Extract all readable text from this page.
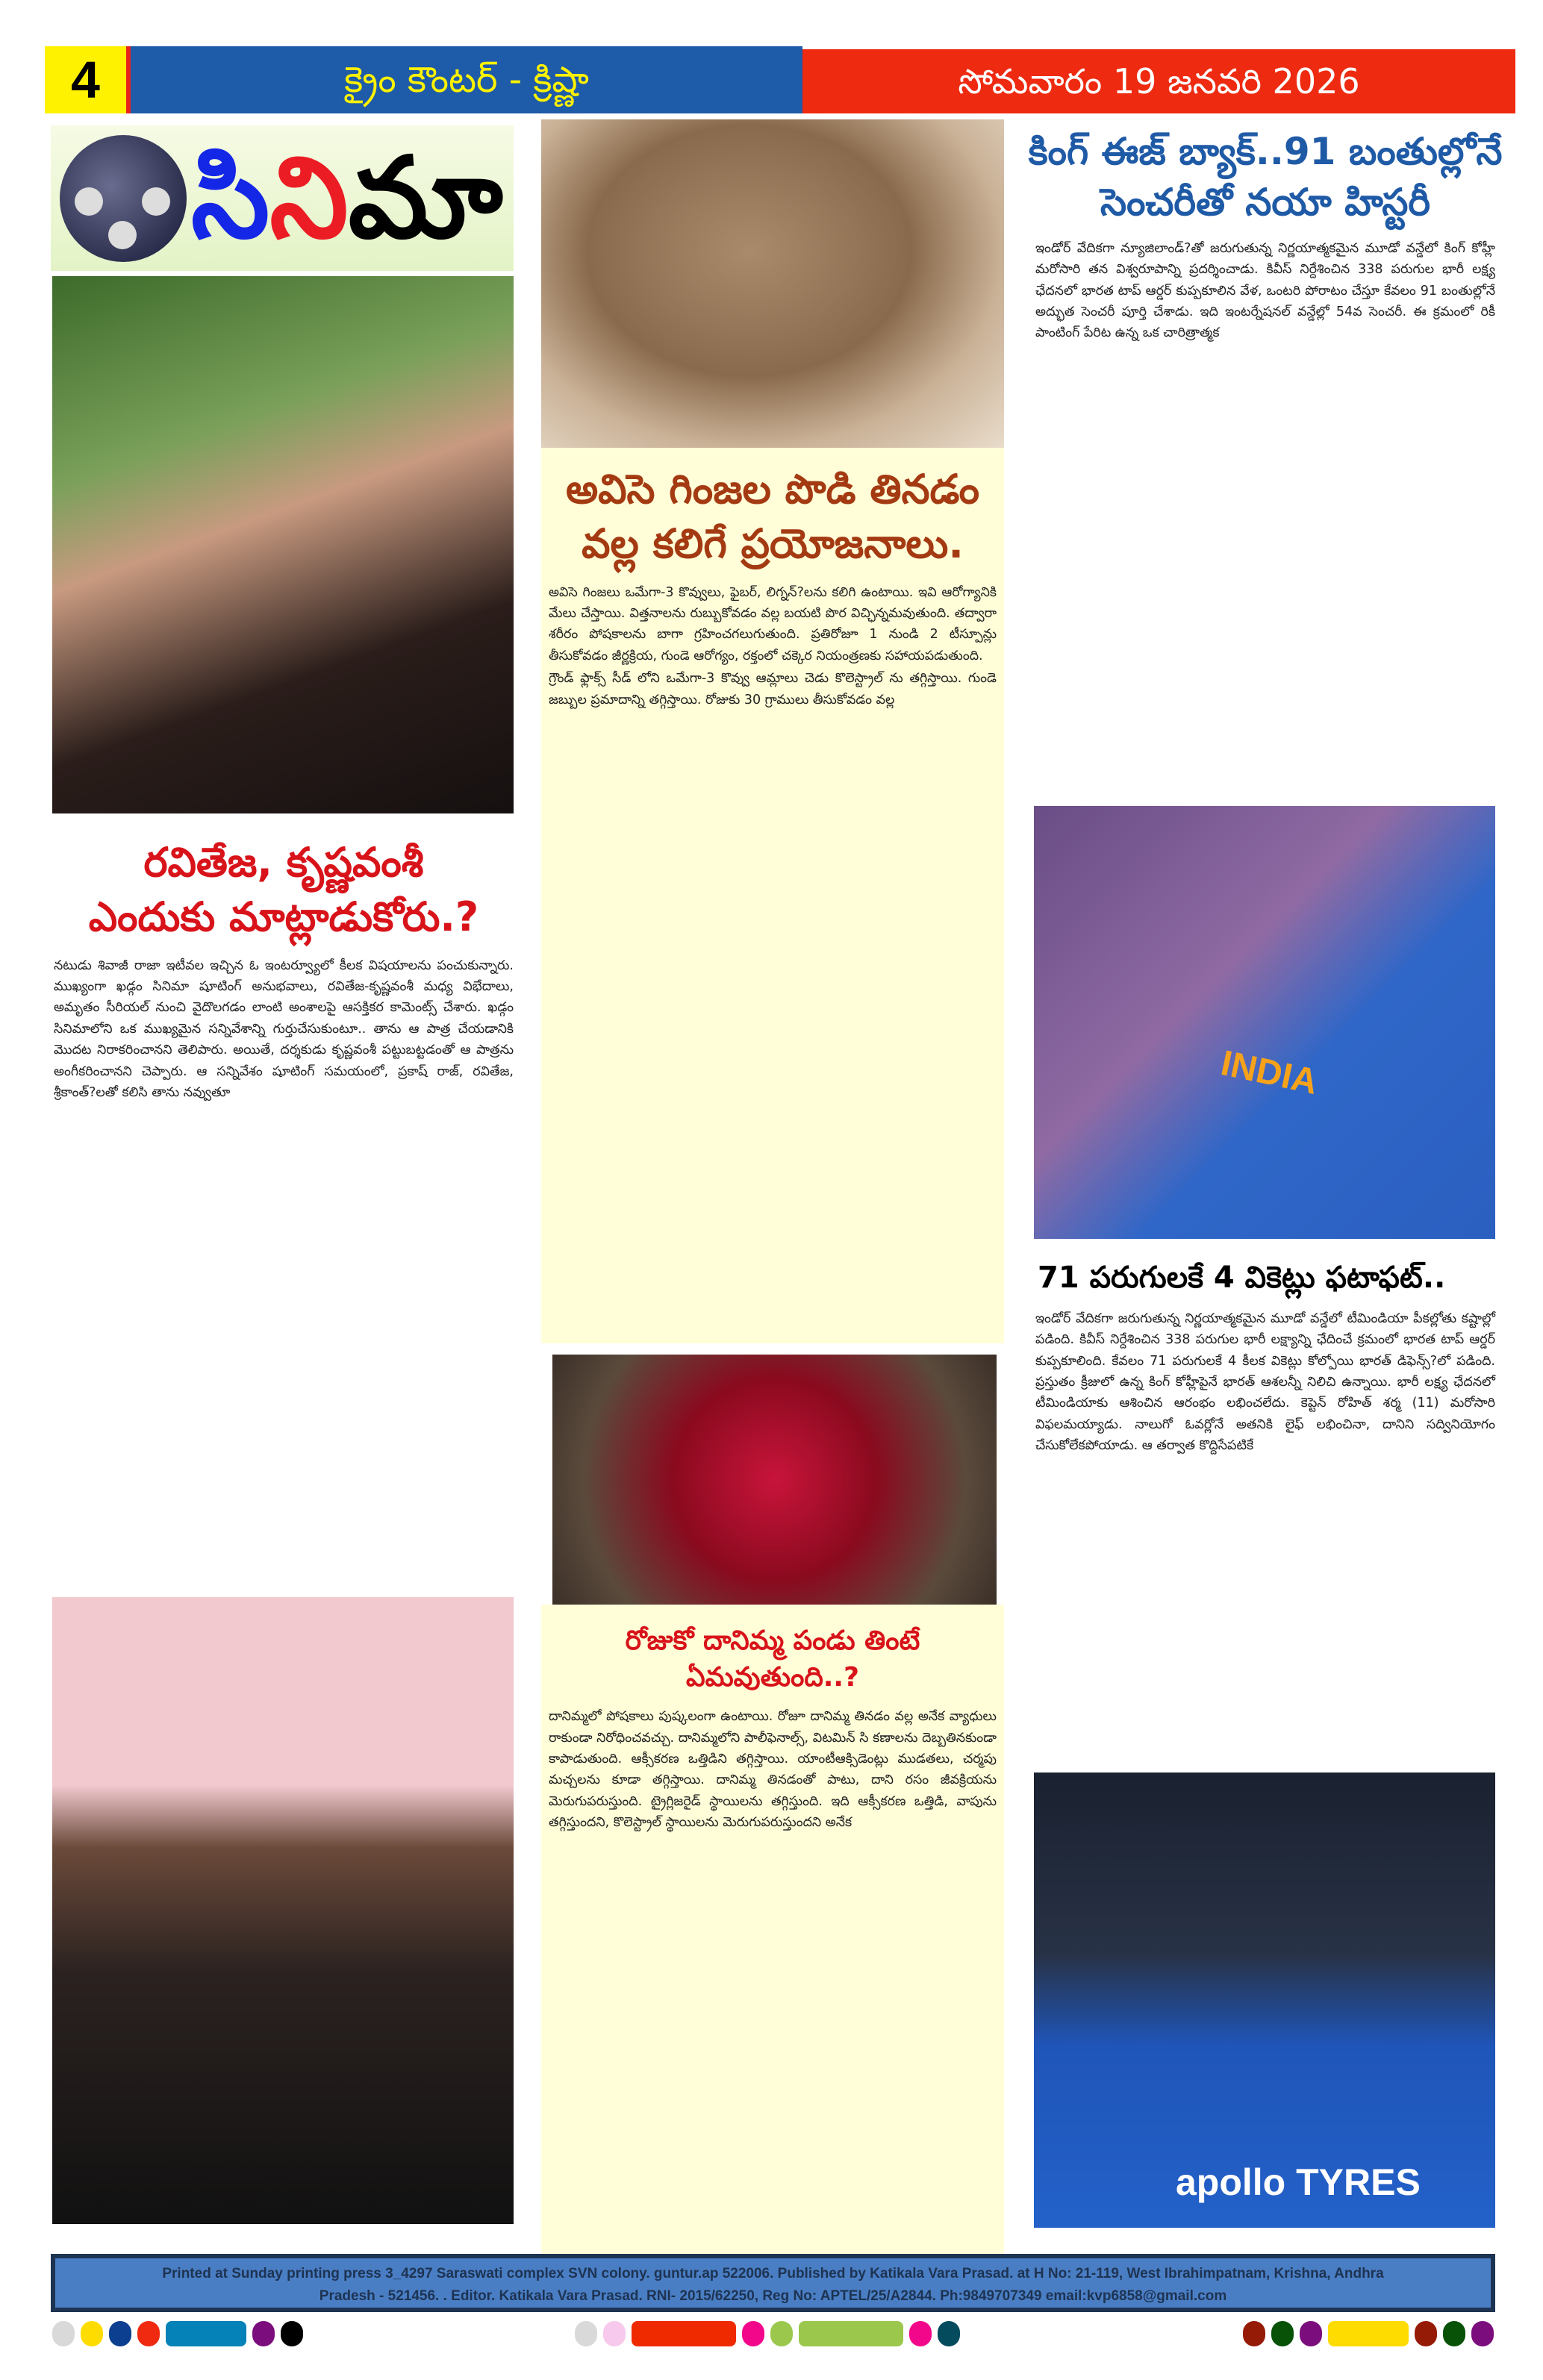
4	క్రైం కౌంటర్ - క్రిష్ణా	సోమవారం 19 జనవరి 2026
సినిమా
రవితేజ, కృష్ణవంశీ
ఎందుకు మాట్లాడుకోరు.?

నటుడు శివాజీ రాజా ఇటీవల ఇచ్చిన ఓ ఇంటర్వ్యూలో కీలక విషయాలను పంచుకున్నారు. ముఖ్యంగా ఖడ్గం సినిమా షూటింగ్ అనుభవాలు, రవితేజ-కృష్ణవంశీ మధ్య విభేదాలు, అమృతం సీరియల్ నుంచి వైదొలగడం లాంటి అంశాలపై ఆసక్తికర కామెంట్స్ చేశారు. ఖడ్గం సినిమాలోని ఒక ముఖ్యమైన సన్నివేశాన్ని గుర్తుచేసుకుంటూ.. తాను ఆ పాత్ర చేయడానికి మొదట నిరాకరించానని తెలిపారు. అయితే, దర్శకుడు కృష్ణవంశీ పట్టుబట్టడంతో ఆ పాత్రను అంగీకరించానని చెప్పారు. ఆ సన్నివేశం షూటింగ్ సమయంలో, ప్రకాష్ రాజ్, రవితేజ, శ్రీకాంత్?లతో కలిసి తాను నవ్వుతూ

అవిసె గింజల పొడి తినడం
వల్ల కలిగే ప్రయోజనాలు.

అవిసె గింజలు ఒమేగా-3 కొవ్వులు, ఫైబర్, లిగ్నన్?లను కలిగి ఉంటాయి. ఇవి ఆరోగ్యానికి మేలు చేస్తాయి. విత్తనాలను రుబ్బుకోవడం వల్ల బయటి పొర విచ్ఛిన్నమవుతుంది. తద్వారా శరీరం పోషకాలను బాగా గ్రహించగలుగుతుంది. ప్రతిరోజూ 1 నుండి 2 టీస్పూన్లు తీసుకోవడం జీర్ణక్రియ, గుండె ఆరోగ్యం, రక్తంలో చక్కెర నియంత్రణకు సహాయపడుతుంది.

గ్రౌండ్ ఫ్లాక్స్ సీడ్ లోని ఒమేగా-3 కొవ్వు ఆమ్లాలు చెడు కొలెస్ట్రాల్ ను తగ్గిస్తాయి. గుండె జబ్బుల ప్రమాదాన్ని తగ్గిస్తాయి. రోజుకు 30 గ్రాములు తీసుకోవడం వల్ల

రోజుకో దానిమ్మ పండు తింటే ఏమవుతుంది..?

దానిమ్మలో పోషకాలు పుష్కలంగా ఉంటాయి. రోజూ దానిమ్మ తినడం వల్ల అనేక వ్యాధులు రాకుండా నిరోధించవచ్చు. దానిమ్మలోని పాలీఫెనాల్స్, విటమిన్ సి కణాలను దెబ్బతినకుండా కాపాడుతుంది. ఆక్సీకరణ ఒత్తిడిని తగ్గిస్తాయి. యాంటీఆక్సిడెంట్లు ముడతలు, చర్మపు మచ్చలను కూడా తగ్గిస్తాయి. దానిమ్మ తినడంతో పాటు, దాని రసం జీవక్రియను మెరుగుపరుస్తుంది. ట్రైగ్లిజరైడ్ స్థాయిలను తగ్గిస్తుంది. ఇది ఆక్సీకరణ ఒత్తిడి, వాపును తగ్గిస్తుందని, కొలెస్ట్రాల్ స్థాయిలను మెరుగుపరుస్తుందని అనేక

కింగ్ ఈజ్ బ్యాక్..91 బంతుల్లోనే
సెంచరీతో నయా హిస్టరీ

ఇండోర్ వేదికగా న్యూజిలాండ్?తో జరుగుతున్న నిర్ణయాత్మకమైన మూడో వన్డేలో కింగ్ కోహ్లీ మరోసారి తన విశ్వరూపాన్ని ప్రదర్శించాడు. కివీస్ నిర్దేశించిన 338 పరుగుల భారీ లక్ష్య ఛేదనలో భారత టాప్ ఆర్డర్ కుప్పకూలిన వేళ, ఒంటరి పోరాటం చేస్తూ కేవలం 91 బంతుల్లోనే అద్భుత సెంచరీ పూర్తి చేశాడు. ఇది ఇంటర్నేషనల్ వన్డేల్లో 54వ సెంచరీ. ఈ క్రమంలో రికీ పాంటింగ్ పేరిట ఉన్న ఒక చారిత్రాత్మక

INDIA
71 పరుగులకే 4 వికెట్లు ఫటాఫట్..

ఇండోర్ వేదికగా జరుగుతున్న నిర్ణయాత్మకమైన మూడో వన్డేలో టీమిండియా పీకల్లోతు కష్టాల్లో పడింది. కివీస్ నిర్దేశించిన 338 పరుగుల భారీ లక్ష్యాన్ని ఛేదించే క్రమంలో భారత టాప్ ఆర్డర్ కుప్పకూలింది. కేవలం 71 పరుగులకే 4 కీలక వికెట్లు కోల్పోయి భారత్ డిఫెన్స్?లో పడింది. ప్రస్తుతం క్రీజులో ఉన్న కింగ్ కోహ్లీపైనే భారత్ ఆశలన్నీ నిలిచి ఉన్నాయి. భారీ లక్ష్య ఛేదనలో టీమిండియాకు ఆశించిన ఆరంభం లభించలేదు. కెప్టెన్ రోహిత్ శర్మ (11) మరోసారి విఫలమయ్యాడు. నాలుగో ఓవర్లోనే అతనికి లైఫ్ లభించినా, దానిని సద్వినియోగం చేసుకోలేకపోయాడు. ఆ తర్వాత కొద్దిసేపటికే

apollo TYRES
Printed at Sunday printing press 3_4297 Saraswati complex SVN colony. guntur.ap 522006. Published by Katikala Vara Prasad. at H No: 21-119, West Ibrahimpatnam, Krishna, Andhra
Pradesh - 521456. . Editor. Katikala Vara Prasad. RNI- 2015/62250, Reg No: APTEL/25/A2844. Ph:9849707349 email:kvp6858@gmail.com
